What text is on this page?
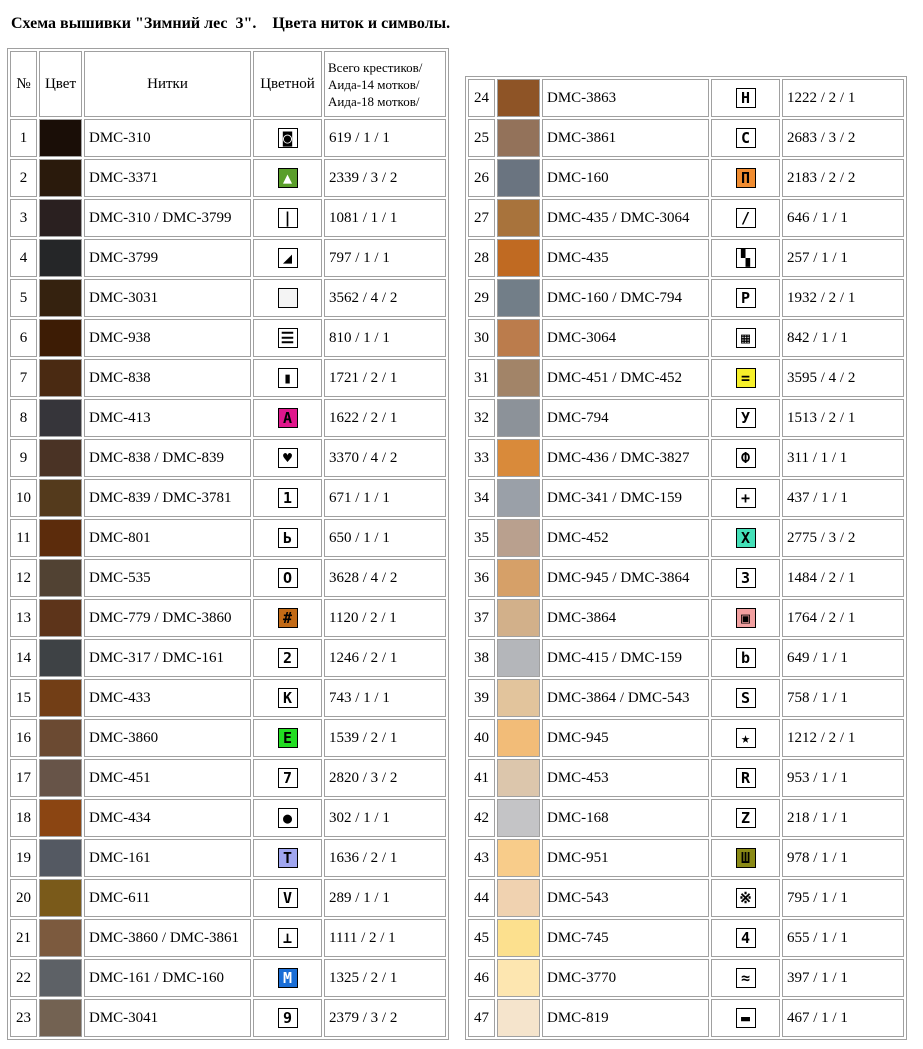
Схема вышивки "Зимний лес  3".    Цвета ниток и символы.
№	Цвет	Нитки	Цветной	Всего крестиков/
Аида-14 мотков/
Аида-18 мотков/

1		DMC-310	◙	619 / 1 / 1
2		DMC-3371	▲	2339 / 3 / 2
3		DMC-310 / DMC-3799	|	1081 / 1 / 1
4		DMC-3799	◢	797 / 1 / 1
5		DMC-3031		3562 / 4 / 2
6		DMC-938	☰	810 / 1 / 1
7		DMC-838	▮	1721 / 2 / 1
8		DMC-413	A	1622 / 2 / 1
9		DMC-838 / DMC-839	♥	3370 / 4 / 2
10		DMC-839 / DMC-3781	1	671 / 1 / 1
11		DMC-801	Ь	650 / 1 / 1
12		DMC-535	O	3628 / 4 / 2
13		DMC-779 / DMC-3860	#	1120 / 2 / 1
14		DMC-317 / DMC-161	2	1246 / 2 / 1
15		DMC-433	K	743 / 1 / 1
16		DMC-3860	E	1539 / 2 / 1
17		DMC-451	7	2820 / 3 / 2
18		DMC-434	●	302 / 1 / 1
19		DMC-161	T	1636 / 2 / 1
20		DMC-611	V	289 / 1 / 1
21		DMC-3860 / DMC-3861	⊥	1111 / 2 / 1
22		DMC-161 / DMC-160	M	1325 / 2 / 1
23		DMC-3041	9	2379 / 3 / 2
24		DMC-3863	H	1222 / 2 / 1
25		DMC-3861	C	2683 / 3 / 2
26		DMC-160	П	2183 / 2 / 2
27		DMC-435 / DMC-3064	/	646 / 1 / 1
28		DMC-435	▚	257 / 1 / 1
29		DMC-160 / DMC-794	P	1932 / 2 / 1
30		DMC-3064	▦	842 / 1 / 1
31		DMC-451 / DMC-452	=	3595 / 4 / 2
32		DMC-794	У	1513 / 2 / 1
33		DMC-436 / DMC-3827	Ф	311 / 1 / 1
34		DMC-341 / DMC-159	+	437 / 1 / 1
35		DMC-452	X	2775 / 3 / 2
36		DMC-945 / DMC-3864	З	1484 / 2 / 1
37		DMC-3864	▣	1764 / 2 / 1
38		DMC-415 / DMC-159	b	649 / 1 / 1
39		DMC-3864 / DMC-543	S	758 / 1 / 1
40		DMC-945	★	1212 / 2 / 1
41		DMC-453	R	953 / 1 / 1
42		DMC-168	Z	218 / 1 / 1
43		DMC-951	Ш	978 / 1 / 1
44		DMC-543	※	795 / 1 / 1
45		DMC-745	4	655 / 1 / 1
46		DMC-3770	≈	397 / 1 / 1
47		DMC-819	▬	467 / 1 / 1
